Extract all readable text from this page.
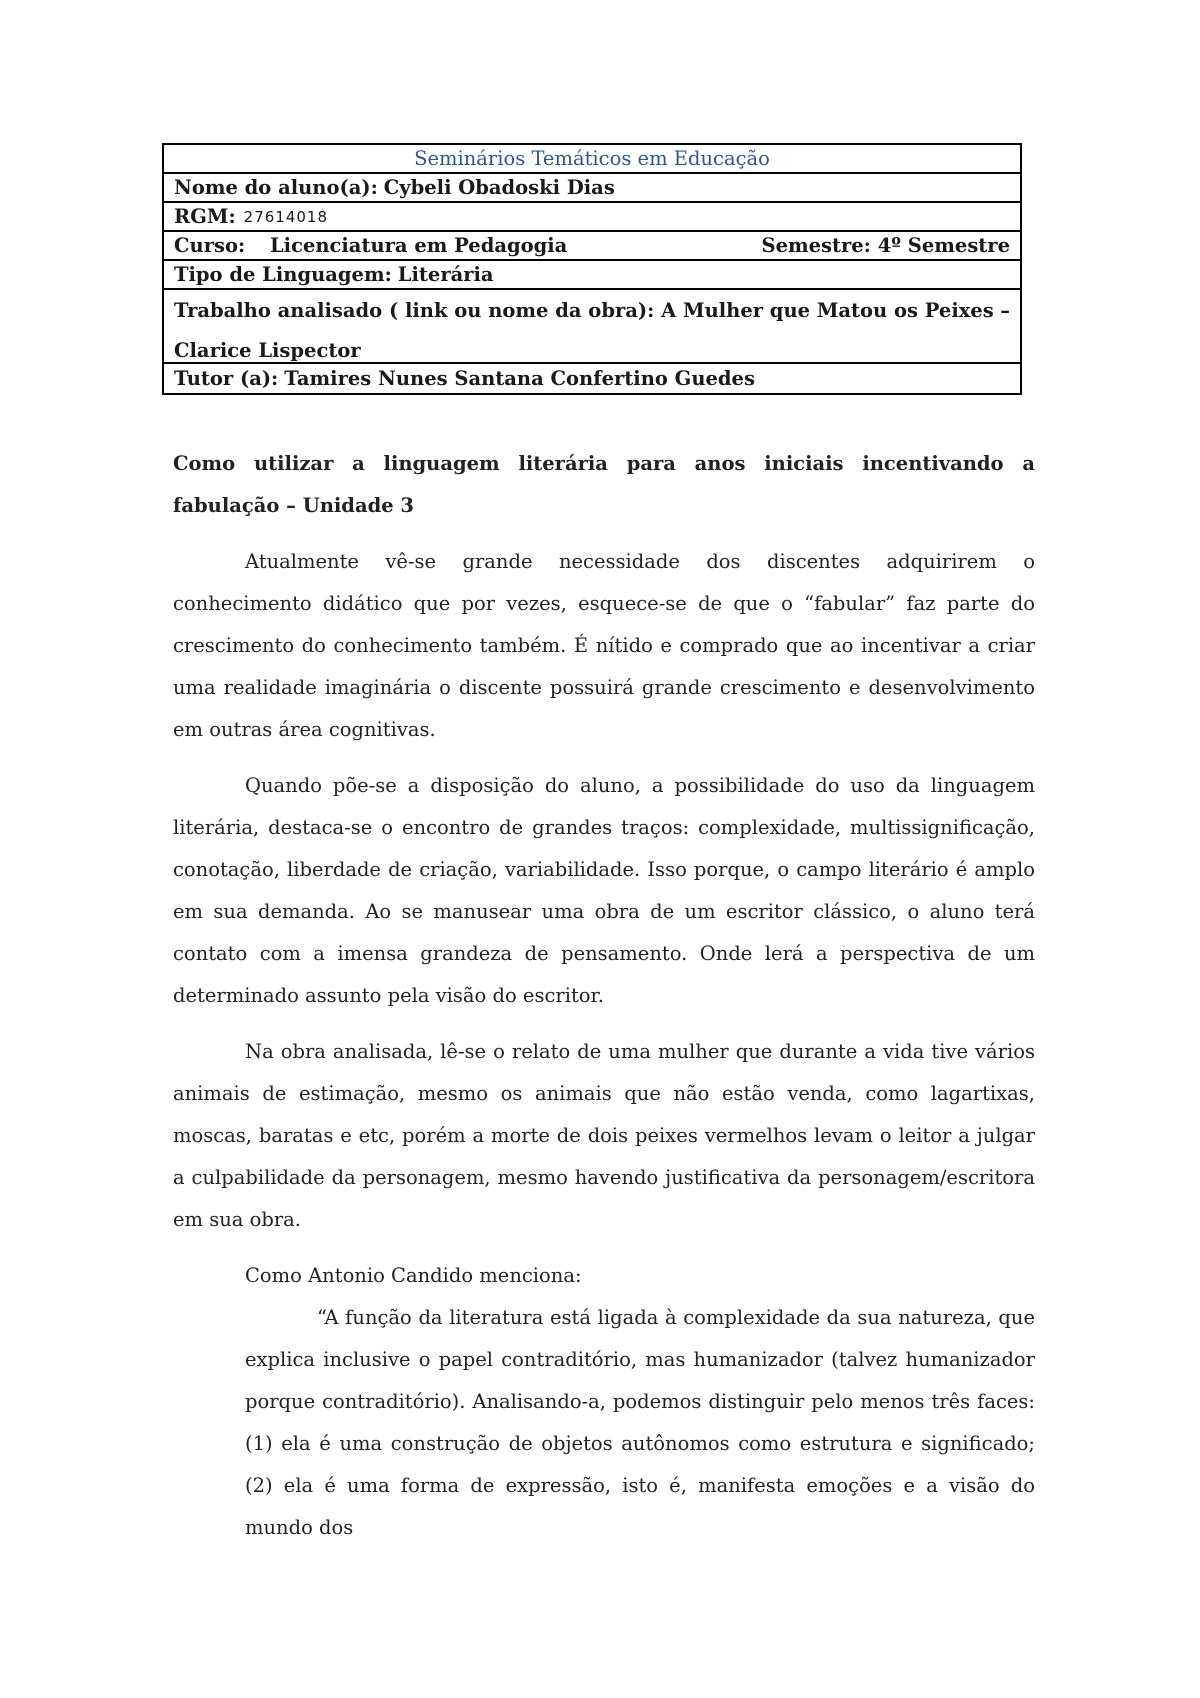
Seminários Temáticos em Educação
Nome do aluno(a): Cybeli Obadoski Dias
RGM: 27614018
Curso: Licenciatura em Pedagogia	Semestre: 4º Semestre
Tipo de Linguagem: Literária
Trabalho analisado ( link ou nome da obra): A Mulher que Matou os Peixes –
Clarice Lispector
Tutor (a): Tamires Nunes Santana Confertino Guedes

Como utilizar a linguagem literária para anos iniciais incentivando a fabulação – Unidade 3

Atualmente vê-se grande necessidade dos discentes adquirirem o conhecimento didático que por vezes, esquece-se de que o “fabular” faz parte do crescimento do conhecimento também. É nítido e comprado que ao incentivar a criar uma realidade imaginária o discente possuirá grande crescimento e desenvolvimento em outras área cognitivas.

Quando põe-se a disposição do aluno, a possibilidade do uso da linguagem literária, destaca-se o encontro de grandes traços: complexidade, multissignificação, conotação, liberdade de criação, variabilidade. Isso porque, o campo literário é amplo em sua demanda. Ao se manusear uma obra de um escritor clássico, o aluno terá contato com a imensa grandeza de pensamento. Onde lerá a perspectiva de um determinado assunto pela visão do escritor.

Na obra analisada, lê-se o relato de uma mulher que durante a vida tive vários animais de estimação, mesmo os animais que não estão venda, como lagartixas, moscas, baratas e etc, porém a morte de dois peixes vermelhos levam o leitor a julgar a culpabilidade da personagem, mesmo havendo justificativa da personagem/escritora em sua obra.

Como Antonio Candido menciona:

“A função da literatura está ligada à complexidade da sua natureza, que explica inclusive o papel contraditório, mas humanizador (talvez humanizador porque contraditório). Analisando-a, podemos distinguir pelo menos três faces: (1) ela é uma construção de objetos autônomos como estrutura e significado; (2) ela é uma forma de expressão, isto é, manifesta emoções e a visão do mundo dos
